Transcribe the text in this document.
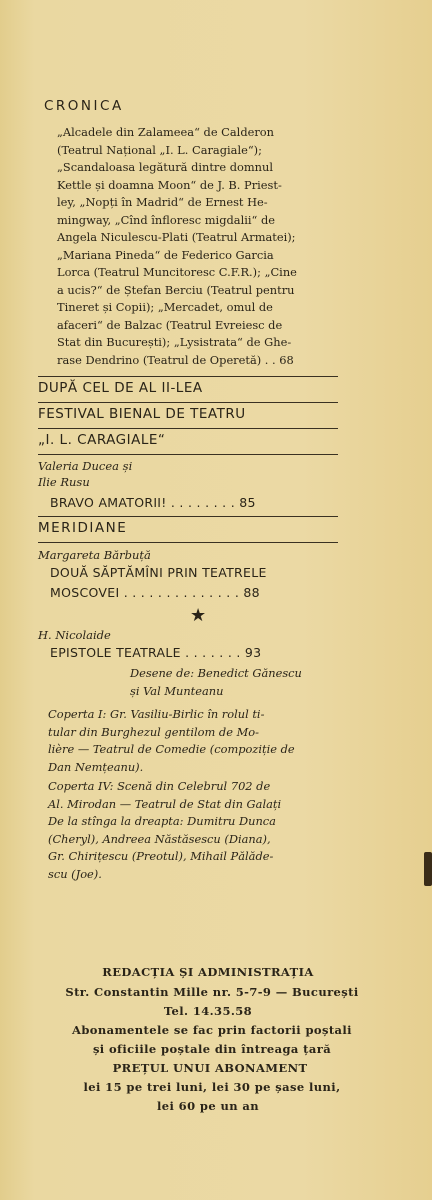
CRONICA
„Alcadele din Zalameea“ de Calderon
(Teatrul Național „I. L. Caragiale“);
„Scandaloasa legătură dintre domnul
Kettle și doamna Moon“ de J. B. Priest-
ley, „Nopți în Madrid“ de Ernest He-
mingway, „Cînd înfloresc migdalii“ de
Angela Niculescu-Plati (Teatrul Armatei);
„Mariana Pineda“ de Federico Garcia
Lorca (Teatrul Muncitoresc C.F.R.); „Cine
a ucis?“ de Ștefan Berciu (Teatrul pentru
Tineret și Copii); „Mercadet, omul de
afaceri“ de Balzac (Teatrul Evreiesc de
Stat din București); „Lysistrata“ de Ghe-
rase Dendrino (Teatrul de Operetă) . . 68
DUPĂ CEL DE AL II-LEA
FESTIVAL BIENAL DE TEATRU
„I. L. CARAGIALE“
Valeria Ducea și
Ilie Rusu
BRAVO AMATORII! . . . . . . . . 85
MERIDIANE
Margareta Bărbuță
DOUĂ SĂPTĂMÎNI PRIN TEATRELE
MOSCOVEI . . . . . . . . . . . . . . 88
★
H. Nicolaide
EPISTOLE TEATRALE . . . . . . . 93
Desene de: Benedict Gănescu
și Val Munteanu
Coperta I: Gr. Vasiliu-Birlic în rolul ti-
tular din Burghezul gentilom de Mo-
lière — Teatrul de Comedie (compoziție de
Dan Nemțeanu).
Coperta IV: Scenă din Celebrul 702 de
Al. Mirodan — Teatrul de Stat din Galați
De la stînga la dreapta: Dumitru Dunca
(Cheryl), Andreea Năstăsescu (Diana),
Gr. Chirițescu (Preotul), Mihail Pălăde-
scu (Joe).
REDACȚIA ȘI ADMINISTRAȚIA
Str. Constantin Mille nr. 5-7-9 — București
Tel. 14.35.58
Abonamentele se fac prin factorii poștali
și oficiile poștale din întreaga țară
PREȚUL UNUI ABONAMENT
lei 15 pe trei luni, lei 30 pe șase luni,
lei 60 pe un an
